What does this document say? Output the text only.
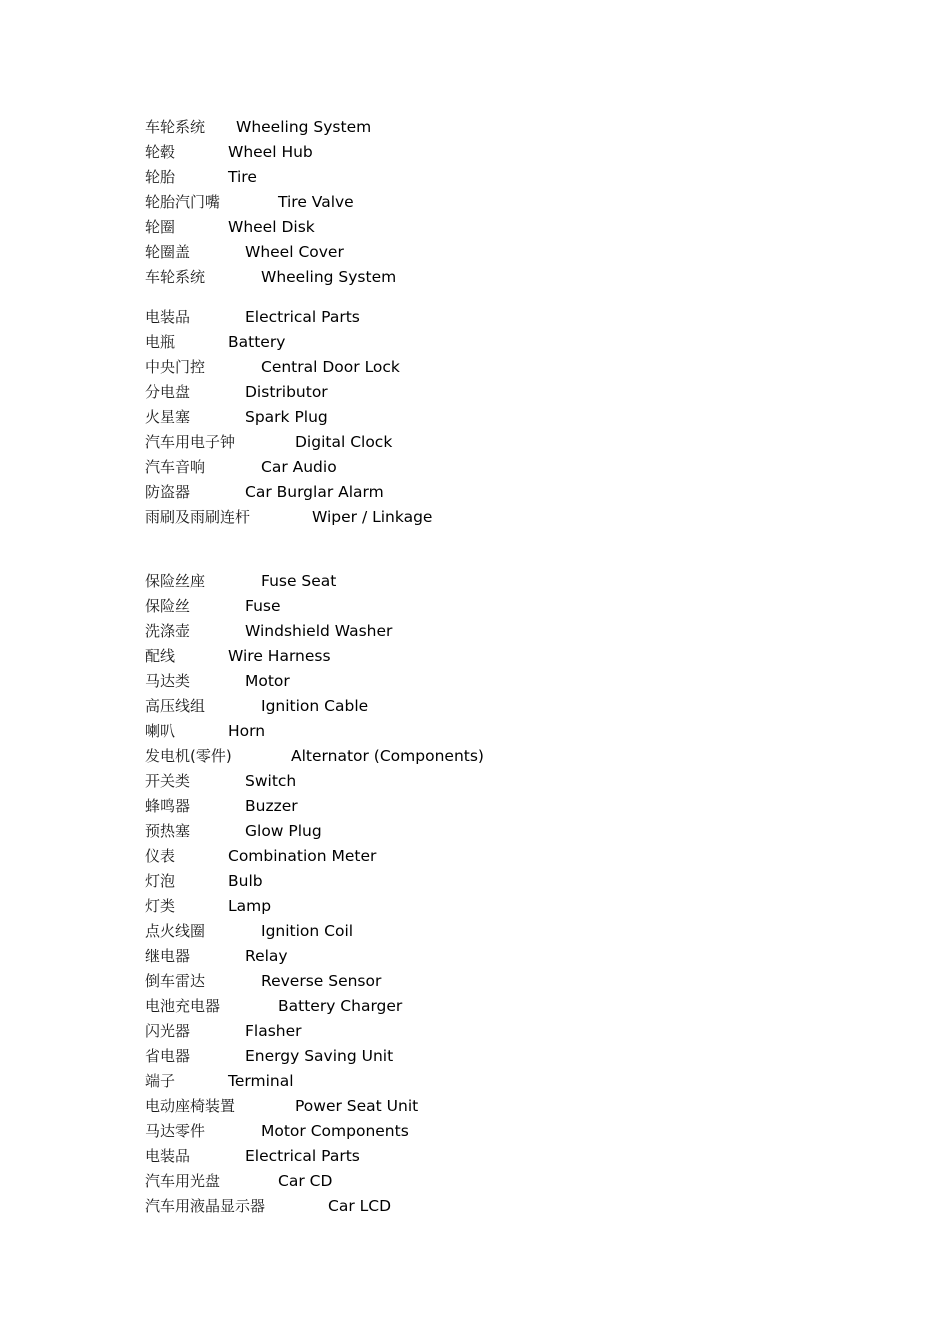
车轮系统 Wheeling System
轮毂	Wheel Hub
轮胎	Tire
轮胎汽门嘴	Tire Valve
轮圈	Wheel Disk
轮圈盖	Wheel Cover
车轮系统	Wheeling System
电装品	Electrical Parts
电瓶	Battery
中央门控	Central Door Lock
分电盘	Distributor
火星塞	Spark Plug
汽车用电子钟	Digital Clock
汽车音响	Car Audio
防盗器	Car Burglar Alarm
雨刷及雨刷连杆	Wiper / Linkage
保险丝座	Fuse Seat
保险丝	Fuse
洗涤壶	Windshield Washer
配线	Wire Harness
马达类	Motor
高压线组	Ignition Cable
喇叭	Horn
发电机(零件)	Alternator (Components)
开关类	Switch
蜂鸣器	Buzzer
预热塞	Glow Plug
仪表	Combination Meter
灯泡	Bulb
灯类	Lamp
点火线圈	Ignition Coil
继电器	Relay
倒车雷达	Reverse Sensor
电池充电器	Battery Charger
闪光器	Flasher
省电器	Energy Saving Unit
端子	Terminal
电动座椅装置	Power Seat Unit
马达零件	Motor Components
电装品	Electrical Parts
汽车用光盘	Car CD
汽车用液晶显示器	Car LCD
